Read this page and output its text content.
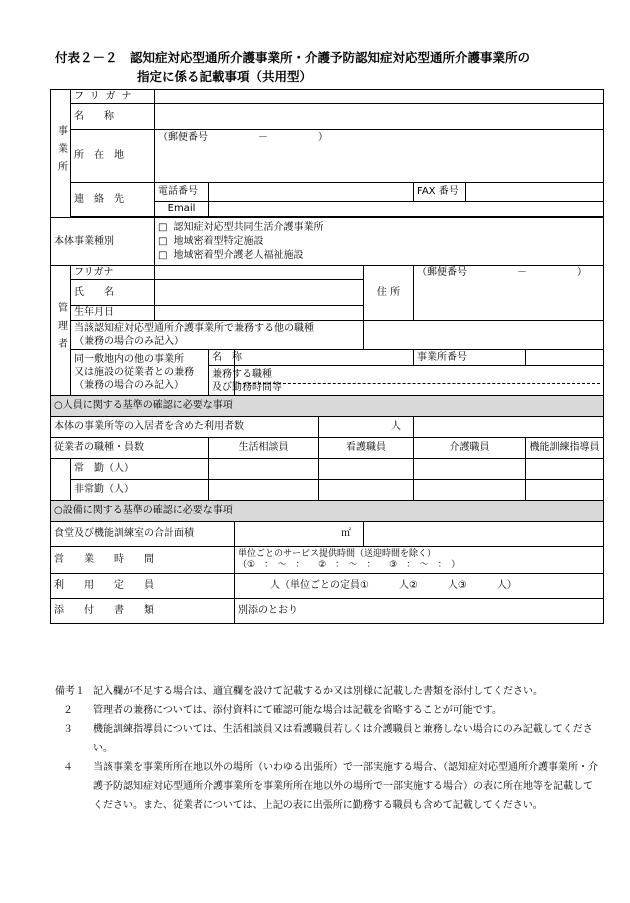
付表２－２　認知症対応型通所介護事業所・介護予防認知症対応型通所介護事業所の
指定に係る記載事項（共用型）
事業所	フリガナ								
	名　　称								
	所　在　地	（郵便番号　　　　　－　　　　　）							
	連　絡　先	電話番号					FAX 番号		
		Email							

本体事業種別		□ 認知症対応型共同生活介護事業所
□ 地域密着型特定施設
□ 地域密着型介護老人福祉施設							

管理者	フリガナ					住 所	（郵便番号　　　　　－　　　　　）		
	氏　　名								
	生年月日								

	当該認知症対応型通所介護事業所で兼務する他の職種
（兼務の場合のみ記入）								

	同一敷地内の他の事業所
又は施設の従業者との兼務
（兼務の場合のみ記入）		名　称				事業所番号		

			兼務する職種
及び勤務時間等						

○人員に関する基準の確認に必要な事項									
本体の事業所等の入居者を含めた利用者数					人				
従業者の職種・員数			生活相談員		看護職員		介護職員		機能訓練指導員
	常　勤（人）								
	非常勤（人）								
○設備に関する基準の確認に必要な事項									
食堂及び機能訓練室の合計面積				㎡					
営　　業　　時　　間				単位ごとのサービス提供時間（送迎時間を除く）
（①　：　～　：　　②　：　～　：　　③　：　～　：　）					

利　　用　　定　　員				人（単位ごとの定員①　　　人②　　　人③　　　人）					
添　　付　　書　　類				別添のとおり					
備考１ 記入欄が不足する場合は、適宜欄を設けて記載するか又は別様に記載した書類を添付してください。
２	管理者の兼務については、添付資料にて確認可能な場合は記載を省略することが可能です。
３	機能訓練指導員については、生活相談員又は看護職員若しくは介護職員と兼務しない場合にのみ記載してください。
４	当該事業を事業所所在地以外の場所（いわゆる出張所）で一部実施する場合、（認知症対応型通所介護事業所・介護予防認知症対応型通所介護事業所を事業所所在地以外の場所で一部実施する場合）の表に所在地等を記載してください。また、従業者については、上記の表に出張所に勤務する職員も含めて記載してください。
